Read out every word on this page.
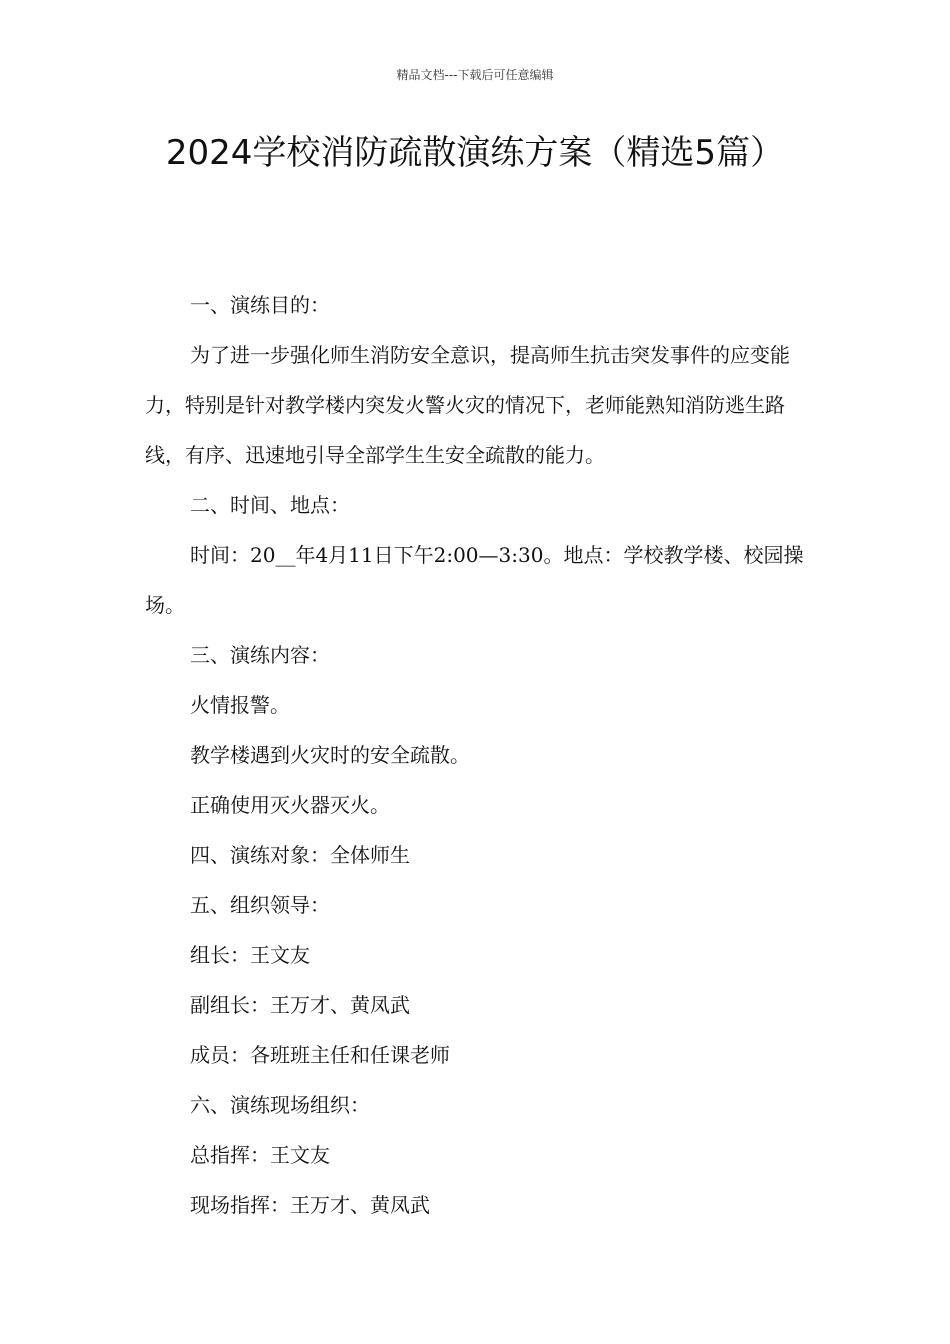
精品文档---下载后可任意编辑
2024学校消防疏散演练方案（精选5篇）

一、演练目的：

为了进一步强化师生消防安全意识，提高师生抗击突发事件的应变能力，特别是针对教学楼内突发火警火灾的情况下，老师能熟知消防逃生路线，有序、迅速地引导全部学生生安全疏散的能力。

二、时间、地点：

时间：20__年4月11日下午2:00—3:30。地点：学校教学楼、校园操场。

三、演练内容：

火情报警。

教学楼遇到火灾时的安全疏散。

正确使用灭火器灭火。

四、演练对象：全体师生

五、组织领导：

组长：王文友

副组长：王万才、黄凤武

成员：各班班主任和任课老师

六、演练现场组织：

总指挥：王文友

现场指挥：王万才、黄凤武
